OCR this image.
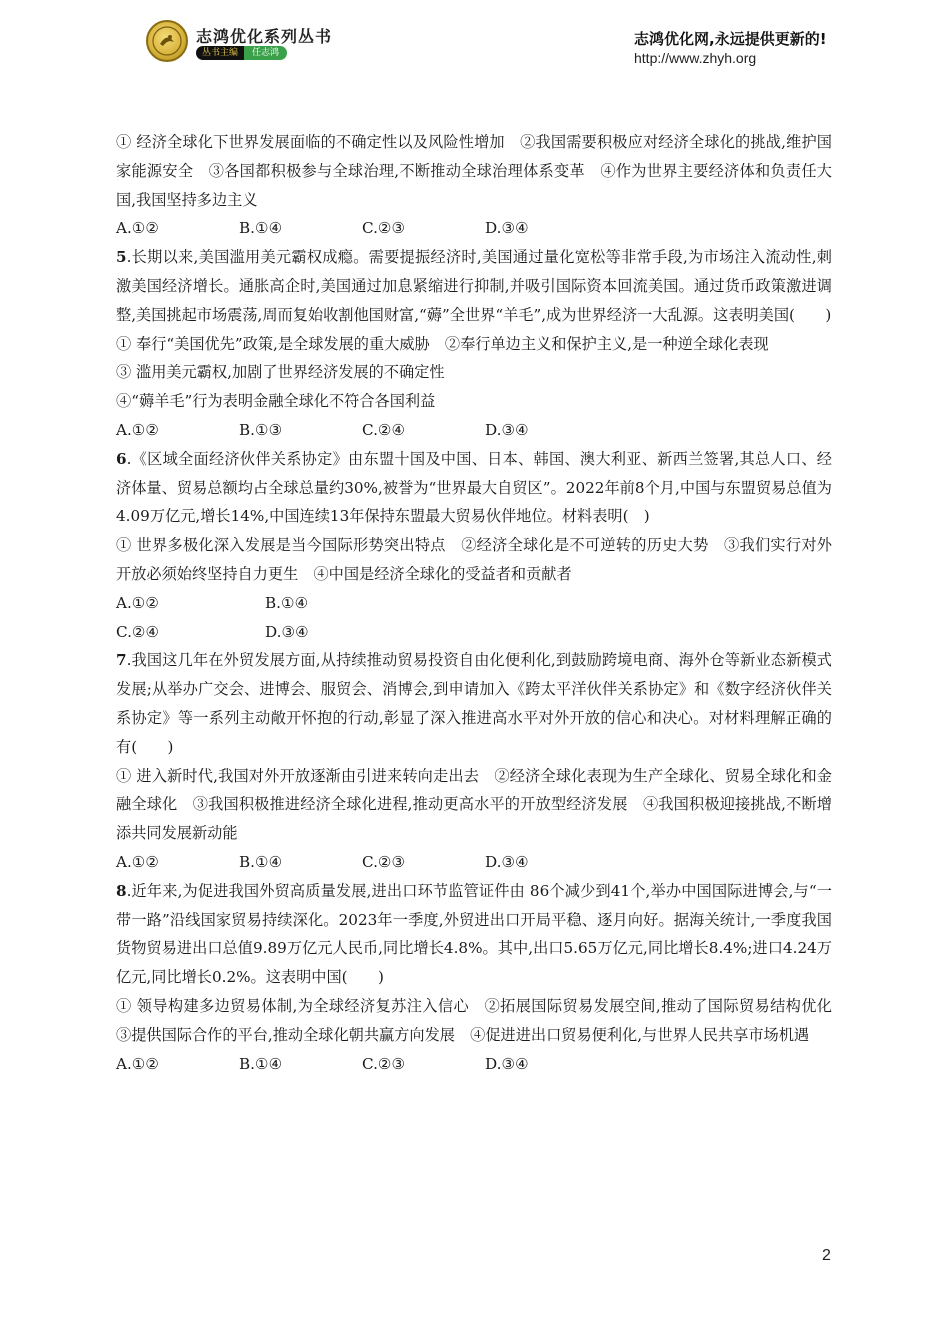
志鸿优化系列丛书
丛书主编	任志鸿
志鸿优化网,永远提供更新的!
http://www.zhyh.org

① 经济全球化下世界发展面临的不确定性以及风险性增加　②我国需要积极应对经济全球化的挑战,维护国家能源安全　③各国都积极参与全球治理,不断推动全球治理体系变革　④作为世界主要经济体和负责任大国,我国坚持多边主义

A.①②	B.①④	C.②③	D.③④

5.长期以来,美国滥用美元霸权成瘾。需要提振经济时,美国通过量化宽松等非常手段,为市场注入流动性,刺激美国经济增长。通胀高企时,美国通过加息紧缩进行抑制,并吸引国际资本回流美国。通过货币政策激进调整,美国挑起市场震荡,周而复始收割他国财富,“薅”全世界“羊毛”,成为世界经济一大乱源。这表明美国(　　)

① 奉行“美国优先”政策,是全球发展的重大威胁　②奉行单边主义和保护主义,是一种逆全球化表现

③ 滥用美元霸权,加剧了世界经济发展的不确定性

④“薅羊毛”行为表明金融全球化不符合各国利益

A.①②	B.①③	C.②④	D.③④

6.《区域全面经济伙伴关系协定》由东盟十国及中国、日本、韩国、澳大利亚、新西兰签署,其总人口、经济体量、贸易总额均占全球总量约30%,被誉为“世界最大自贸区”。2022年前8个月,中国与东盟贸易总值为4.09万亿元,增长14%,中国连续13年保持东盟最大贸易伙伴地位。材料表明(　)

① 世界多极化深入发展是当今国际形势突出特点　②经济全球化是不可逆转的历史大势　③我们实行对外开放必须始终坚持自力更生　④中国是经济全球化的受益者和贡献者

A.①②	B.①④
C.②④	D.③④

7.我国这几年在外贸发展方面,从持续推动贸易投资自由化便利化,到鼓励跨境电商、海外仓等新业态新模式发展;从举办广交会、进博会、服贸会、消博会,到申请加入《跨太平洋伙伴关系协定》和《数字经济伙伴关系协定》等一系列主动敞开怀抱的行动,彰显了深入推进高水平对外开放的信心和决心。对材料理解正确的有(　　)

① 进入新时代,我国对外开放逐渐由引进来转向走出去　②经济全球化表现为生产全球化、贸易全球化和金融全球化　③我国积极推进经济全球化进程,推动更高水平的开放型经济发展　④我国积极迎接挑战,不断增添共同发展新动能

A.①②	B.①④	C.②③	D.③④

8.近年来,为促进我国外贸高质量发展,进出口环节监管证件由 86个减少到41个,举办中国国际进博会,与“一带一路”沿线国家贸易持续深化。2023年一季度,外贸进出口开局平稳、逐月向好。据海关统计,一季度我国货物贸易进出口总值9.89万亿元人民币,同比增长4.8%。其中,出口5.65万亿元,同比增长8.4%;进口4.24万亿元,同比增长0.2%。这表明中国(　　)

① 领导构建多边贸易体制,为全球经济复苏注入信心　②拓展国际贸易发展空间,推动了国际贸易结构优化　③提供国际合作的平台,推动全球化朝共赢方向发展　④促进进出口贸易便利化,与世界人民共享市场机遇

A.①②	B.①④	C.②③	D.③④
2
